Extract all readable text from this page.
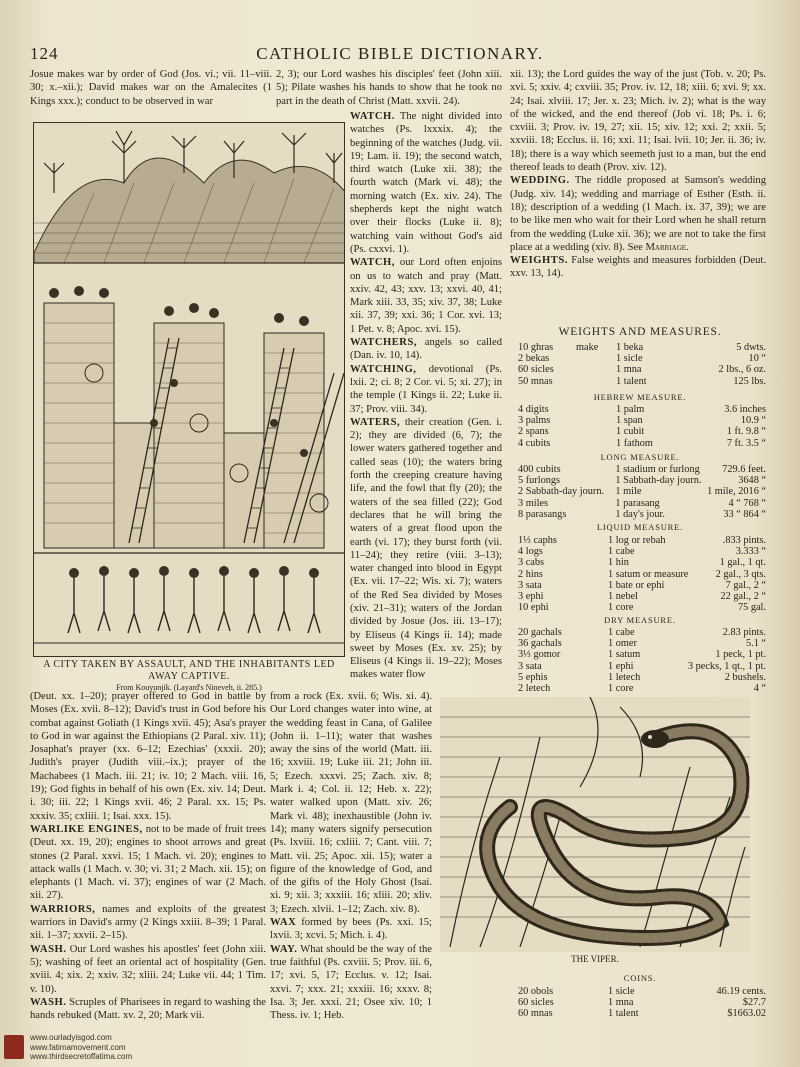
124	CATHOLIC BIBLE DICTIONARY.

Josue makes war by order of God (Jos. vi.; vii. 11–viii. 30; x.–xii.); David makes war on the Amalecites (1 Kings xxx.); conduct to be observed in war

2, 3); our Lord washes his disciples' feet (John xiii. 5); Pilate washes his hands to show that he took no part in the death of Christ (Matt. xxvii. 24).

A CITY TAKEN BY ASSAULT, AND THE INHABITANTS LED AWAY CAPTIVE.
From Kouyunjik. (Layard's Nineveh, ii. 285.)

WATCH. The night divided into watches (Ps. lxxxix. 4); the beginning of the watches (Judg. vii. 19; Lam. ii. 19); the second watch, third watch (Luke xii. 38); the fourth watch (Mark vi. 48); the morning watch (Ex. xiv. 24). The shepherds kept the night watch over their flocks (Luke ii. 8); watching vain without God's aid (Ps. cxxvi. 1).

WATCH, our Lord often enjoins on us to watch and pray (Matt. xxiv. 42, 43; xxv. 13; xxvi. 40, 41; Mark xiii. 33, 35; xiv. 37, 38; Luke xii. 37, 39; xxi. 36; 1 Cor. xvi. 13; 1 Pet. v. 8; Apoc. xvi. 15).

WATCHERS, angels so called (Dan. iv. 10, 14).

WATCHING, devotional (Ps. lxii. 2; ci. 8; 2 Cor. vi. 5; xi. 27); in the temple (1 Kings ii. 22; Luke ii. 37; Prov. viii. 34).

WATERS, their creation (Gen. i. 2); they are divided (6, 7); the lower waters gathered together and called seas (10); the waters bring forth the creeping creature having life, and the fowl that fly (20); the waters of the sea filled (22); God declares that he will bring the waters of a great flood upon the earth (vi. 17); they burst forth (vii. 11–24); they retire (viii. 3–13); water changed into blood in Egypt (Ex. vii. 17–22; Wis. xi. 7); waters of the Red Sea divided by Moses (xiv. 21–31); waters of the Jordan divided by Josue (Jos. iii. 13–17); by Eliseus (4 Kings ii. 14); made sweet by Moses (Ex. xv. 25); by Eliseus (4 Kings ii. 19–22); Moses makes water flow

(Deut. xx. 1–20); prayer offered to God in battle by Moses (Ex. xvii. 8–12); David's trust in God before his combat against Goliath (1 Kings xvii. 45); Asa's prayer to God in war against the Ethiopians (2 Paral. xiv. 11); Josaphat's prayer (xx. 6–12; Ezechias' (xxxii. 20); Judith's prayer (Judith viii.–ix.); prayer of the Machabees (1 Mach. iii. 21; iv. 10; 2 Mach. viii. 16, 19); God fights in behalf of his own (Ex. xiv. 14; Deut. i. 30; iii. 22; 1 Kings xvii. 46; 2 Paral. xx. 15; Ps. xxxiv. 35; cxliii. 1; Isai. xxx. 15).

WARLIKE ENGINES, not to be made of fruit trees (Deut. xx. 19, 20); engines to shoot arrows and great stones (2 Paral. xxvi. 15; 1 Mach. vi. 20); engines to attack walls (1 Mach. v. 30; vi. 31; 2 Mach. xii. 15); on elephants (1 Mach. vi. 37); engines of war (2 Mach. xii. 27).

WARRIORS, names and exploits of the greatest warriors in David's army (2 Kings xxiii. 8–39; 1 Paral. xii. 1–37; xxvii. 2–15).

WASH. Our Lord washes his apostles' feet (John xiii. 5); washing of feet an oriental act of hospitality (Gen. xviii. 4; xix. 2; xxiv. 32; xliii. 24; Luke vii. 44; 1 Tim. v. 10).

WASH. Scruples of Pharisees in regard to washing the hands rebuked (Matt. xv. 2, 20; Mark vii.

from a rock (Ex. xvii. 6; Wis. xi. 4). Our Lord changes water into wine, at the wedding feast in Cana, of Galilee (John ii. 1–11); water that washes away the sins of the world (Matt. iii. 16; xxviii. 19; Luke iii. 21; John iii. 5; Ezech. xxxvi. 25; Zach. xiv. 8; Mark i. 4; Col. ii. 12; Heb. x. 22); water walked upon (Matt. xiv. 26; Mark vi. 48); inexhaustible (John iv. 14); many waters signify persecution (Ps. lxviii. 16; cxliii. 7; Cant. viii. 7; Matt. vii. 25; Apoc. xii. 15); water a figure of the knowledge of God, and of the gifts of the Holy Ghost (Isai. xi. 9; xii. 3; xxxiii. 16; xliii. 20; xliv. 3; Ezech. xlvii. 1–12; Zach. xiv. 8).

WAX formed by bees (Ps. xxi. 15; lxvii. 3; xcvi. 5; Mich. i. 4).

WAY. What should be the way of the true faithful (Ps. cxviii. 5; Prov. iii. 6, 17; xvi. 5, 17; Ecclus. v. 12; Isai. xxvi. 7; xxx. 21; xxxiii. 16; xxxv. 8; Isa. 3; Jer. xxxi. 21; Osee xiv. 10; 1 Thess. iv. 1; Heb.

xii. 13); the Lord guides the way of the just (Tob. v. 20; Ps. xvi. 5; xxiv. 4; cxviii. 35; Prov. iv. 12, 18; xiii. 6; xvi. 9; xx. 24; Isai. xlviii. 17; Jer. x. 23; Mich. iv. 2); what is the way of the wicked, and the end thereof (Job vi. 18; Ps. i. 6; cxviii. 3; Prov. iv. 19, 27; xii. 15; xiv. 12; xxi. 2; xxii. 5; xxviii. 18; Ecclus. ii. 16; xxi. 11; Isai. lvii. 10; Jer. ii. 36; iv. 18); there is a way which seemeth just to a man, but the end thereof leads to death (Prov. xiv. 12).

WEDDING. The riddle proposed at Samson's wedding (Judg. xiv. 14); wedding and marriage of Esther (Esth. ii. 18); description of a wedding (1 Mach. ix. 37, 39); we are to be like men who wait for their Lord when he shall return from the wedding (Luke xii. 36); we are not to take the first place at a wedding (xiv. 8). See Marriage.

WEIGHTS. False weights and measures forbidden (Deut. xxv. 13, 14).

WEIGHTS AND MEASURES.
10 ghras	make	1 beka	5 dwts.
2 bekas		1 sicle	10 “
60 sicles		1 mna	2 lbs., 6 oz.
50 mnas		1 talent	125 lbs.
HEBREW MEASURE.
4 digits	1 palm	3.6 inches
3 palms	1 span	10.9 “
2 spans	1 cubit	1 ft. 9.8 “
4 cubits	1 fathom	7 ft. 3.5 “
LONG MEASURE.
400 cubits	1 stadium or furlong	729.6 feet.
5 furlongs	1 Sabbath-day journ.	3648 “
2 Sabbath-day journ.	1 mile	1 mile, 2016 “
3 miles	1 parasang	4 “ 768 “
8 parasangs	1 day's jour.	33 “ 864 “
LIQUID MEASURE.
1⅓ caphs	1 log or rebah	.833 pints.
4 logs	1 cabe	3.333 “
3 cabs	1 hin	1 gal., 1 qt.
2 hins	1 satum or measure	2 gal., 3 qts.
3 sata	1 bate or ephi	7 gal., 2 “
3 ephi	1 nebel	22 gal., 2 “
10 ephi	1 core	75 gal.
DRY MEASURE.
20 gachals	1 cabe	2.83 pints.
36 gachals	1 omer	5.1 “
3⅓ gomor	1 satum	1 peck, 1 pt.
3 sata	1 ephi	3 pecks, 1 qt., 1 pt.
5 ephis	1 letech	2 bushels.
2 letech	1 core	4 “
THE VIPER.
COINS.
20 obols	1 sicle	46.19 cents.
60 sicles	1 mna	$27.7
60 mnas	1 talent	$1663.02
www.ourladyisgod.com
www.fatimamovement.com
www.thirdsecretoffatima.com
